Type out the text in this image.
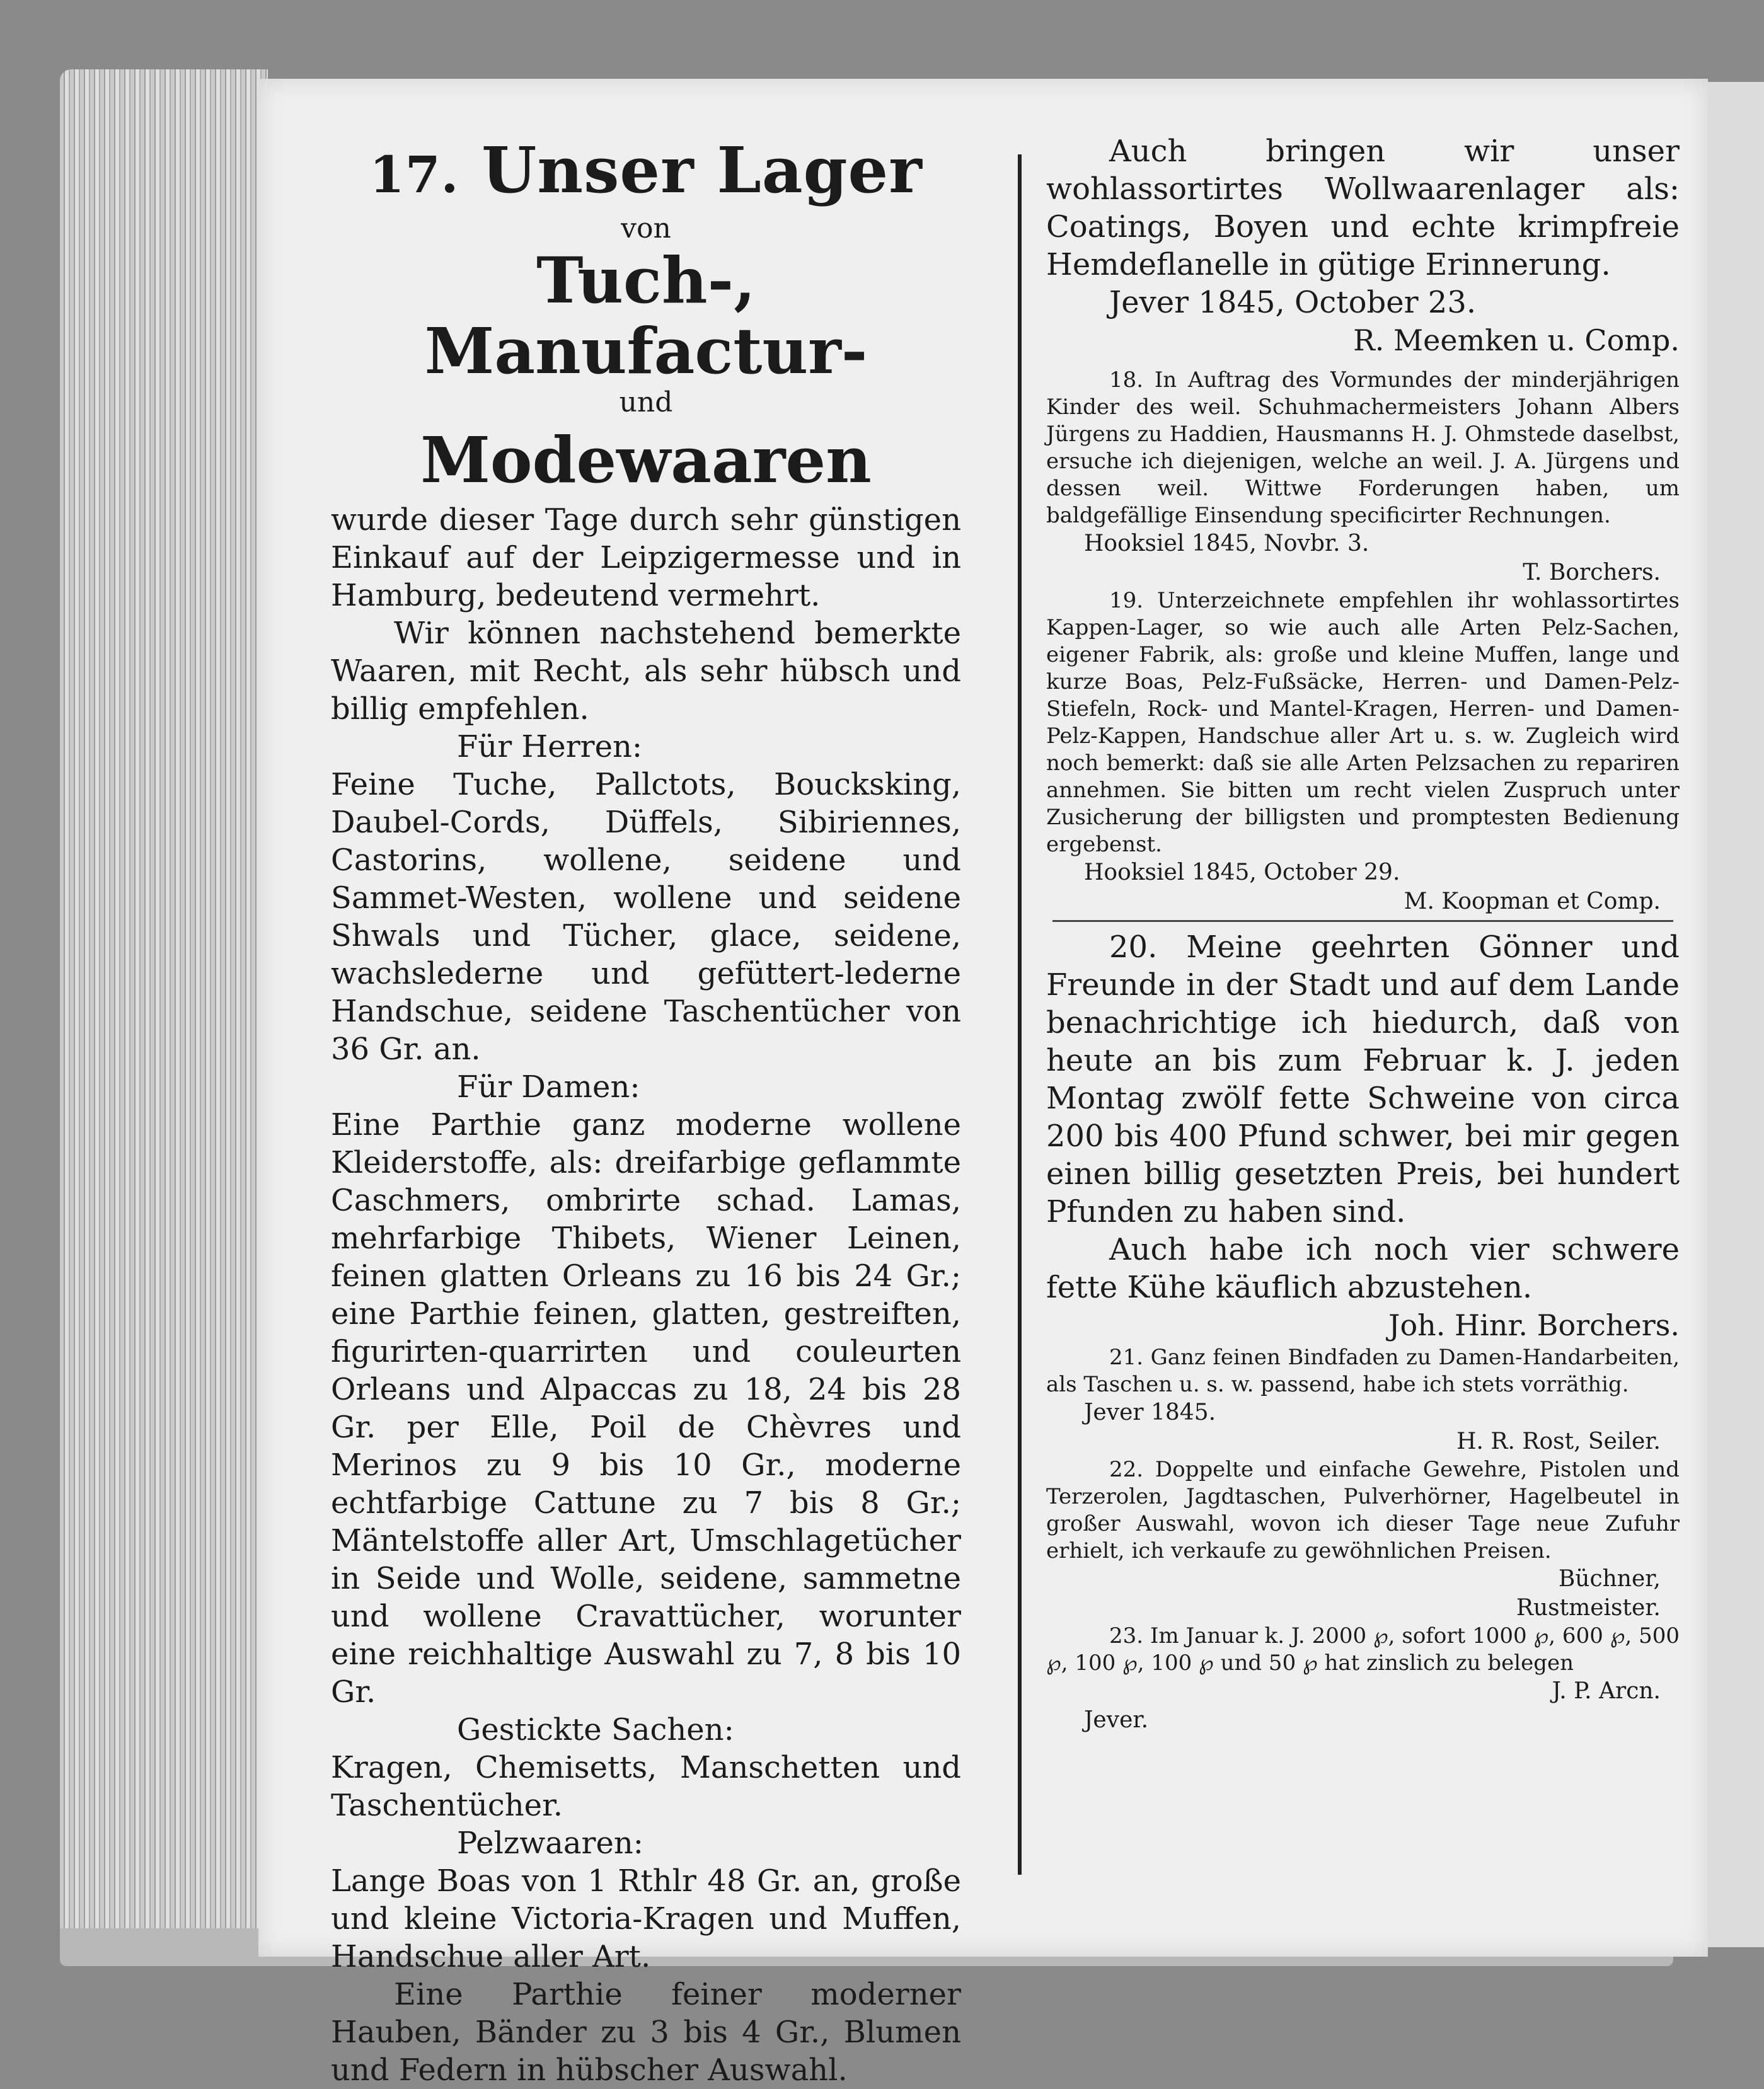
17. Unser Lager

von

Tuch-, Manufactur-

und

Modewaaren

wurde dieser Tage durch sehr günstigen Einkauf auf der Leipzigermesse und in Hamburg, bedeutend vermehrt.

Wir können nachstehend bemerkte Waaren, mit Recht, als sehr hübsch und billig empfehlen.

Für Herren:

Feine Tuche, Pallctots, Boucksking, Daubel-Cords, Düffels, Sibiriennes, Castorins, wollene, seidene und Sammet-Westen, wollene und seidene Shwals und Tücher, glace, seidene, wachslederne und gefüttert-lederne Handschue, seidene Taschentücher von 36 Gr. an.

Für Damen:

Eine Parthie ganz moderne wollene Kleiderstoffe, als: dreifarbige geflammte Caschmers, ombrirte schad. Lamas, mehrfarbige Thibets, Wiener Leinen, feinen glatten Orleans zu 16 bis 24 Gr.; eine Parthie feinen, glatten, gestreiften, figurirten-quarrirten und couleurten Orleans und Alpaccas zu 18, 24 bis 28 Gr. per Elle, Poil de Chèvres und Merinos zu 9 bis 10 Gr., moderne echtfarbige Cattune zu 7 bis 8 Gr.; Mäntelstoffe aller Art, Umschlagetücher in Seide und Wolle, seidene, sammetne und wollene Cravattücher, worunter eine reichhaltige Auswahl zu 7, 8 bis 10 Gr.

Gestickte Sachen:

Kragen, Chemisetts, Manschetten und Taschentücher.

Pelzwaaren:

Lange Boas von 1 Rthlr 48 Gr. an, große und kleine Victoria-Kragen und Muffen, Handschue aller Art.

Eine Parthie feiner moderner Hauben, Bänder zu 3 bis 4 Gr., Blumen und Federn in hübscher Auswahl.

Auch bringen wir unser wohlassortirtes Wollwaarenlager als: Coatings, Boyen und echte krimpfreie Hemdeflanelle in gütige Erinnerung.

Jever 1845, October 23.

R. Meemken u. Comp.

18. In Auftrag des Vormundes der minderjährigen Kinder des weil. Schuhmachermeisters Johann Albers Jürgens zu Haddien, Hausmanns H. J. Ohmstede daselbst, ersuche ich diejenigen, welche an weil. J. A. Jürgens und dessen weil. Wittwe Forderungen haben, um baldgefällige Einsendung specificirter Rechnungen.

Hooksiel 1845, Novbr. 3.

T. Borchers.

19. Unterzeichnete empfehlen ihr wohlassortirtes Kappen-Lager, so wie auch alle Arten Pelz-Sachen, eigener Fabrik, als: große und kleine Muffen, lange und kurze Boas, Pelz-Fußsäcke, Herren- und Damen-Pelz-Stiefeln, Rock- und Mantel-Kragen, Herren- und Damen-Pelz-Kappen, Handschue aller Art u. s. w. Zugleich wird noch bemerkt: daß sie alle Arten Pelzsachen zu repariren annehmen. Sie bitten um recht vielen Zuspruch unter Zusicherung der billigsten und promptesten Bedienung ergebenst.

Hooksiel 1845, October 29.

M. Koopman et Comp.

20. Meine geehrten Gönner und Freunde in der Stadt und auf dem Lande benachrichtige ich hiedurch, daß von heute an bis zum Februar k. J. jeden Montag zwölf fette Schweine von circa 200 bis 400 Pfund schwer, bei mir gegen einen billig gesetzten Preis, bei hundert Pfunden zu haben sind.

Auch habe ich noch vier schwere fette Kühe käuflich abzustehen.

Joh. Hinr. Borchers.

21. Ganz feinen Bindfaden zu Damen-Handarbeiten, als Taschen u. s. w. passend, habe ich stets vorräthig.

Jever 1845.

H. R. Rost, Seiler.

22. Doppelte und einfache Gewehre, Pistolen und Terzerolen, Jagdtaschen, Pulverhörner, Hagelbeutel in großer Auswahl, wovon ich dieser Tage neue Zufuhr erhielt, ich verkaufe zu gewöhnlichen Preisen.

Büchner,

Rustmeister.

23. Im Januar k. J. 2000 ℘, sofort 1000 ℘, 600 ℘, 500 ℘, 100 ℘, 100 ℘ und 50 ℘ hat zinslich zu belegen

J. P. Arcn.

Jever.
